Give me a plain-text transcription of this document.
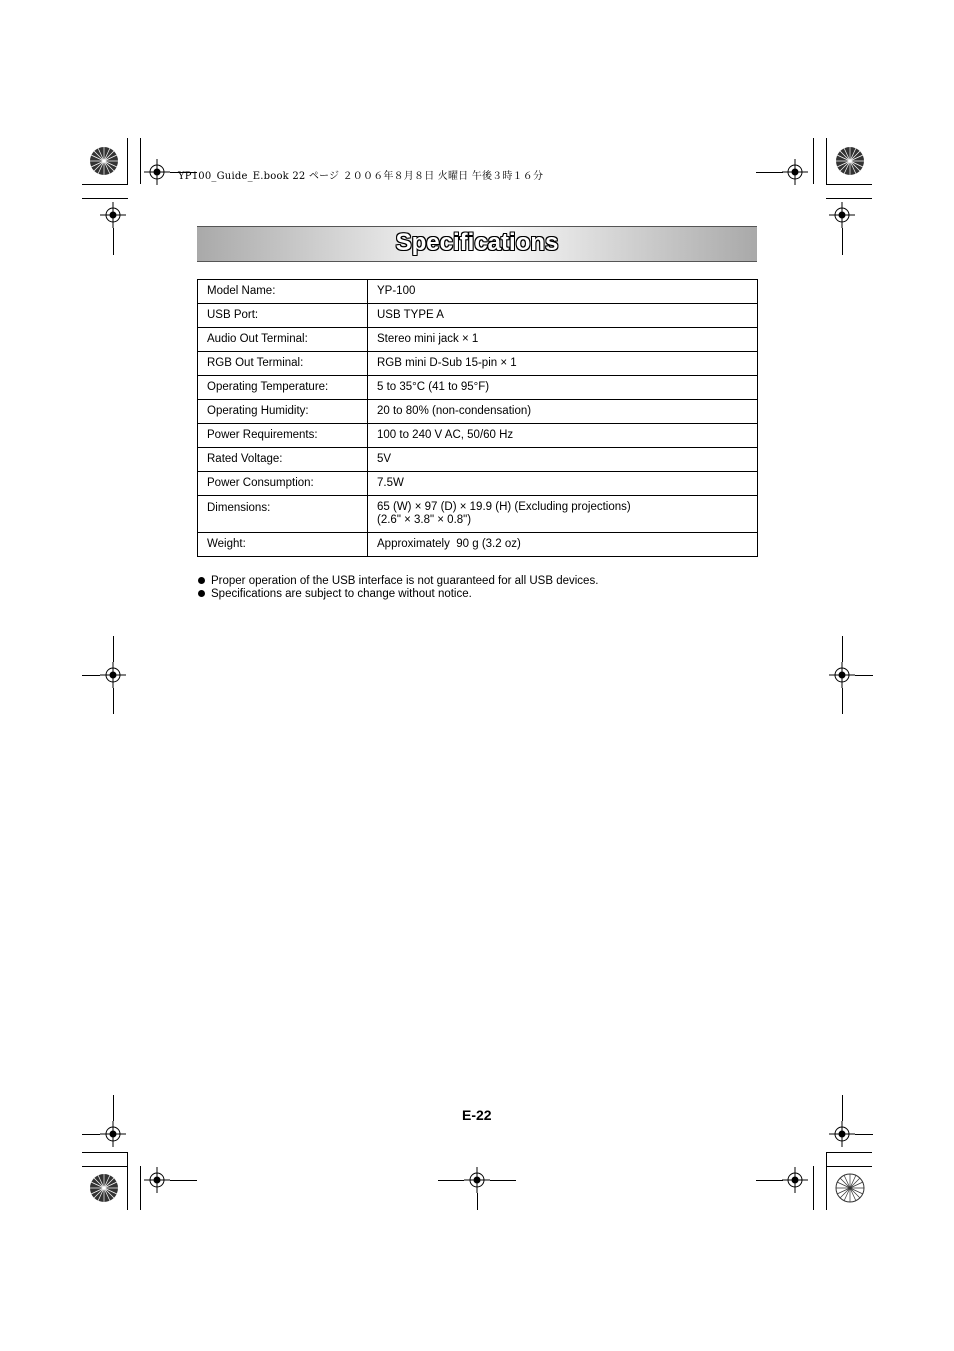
YP100_Guide_E.book 22 ページ ２００６年８月８日 火曜日 午後３時１６分
Specifications
Model Name:	YP-100
USB Port:	USB TYPE A
Audio Out Terminal:	Stereo mini jack × 1
RGB Out Terminal:	RGB mini D-Sub 15-pin × 1
Operating Temperature:	5 to 35°C (41 to 95°F)
Operating Humidity:	20 to 80% (non-condensation)
Power Requirements:	100 to 240 V AC, 50/60 Hz
Rated Voltage:	5V
Power Consumption:	7.5W
Dimensions:	65 (W) × 97 (D) × 19.9 (H) (Excluding projections)
(2.6" × 3.8" × 0.8")

Weight:	Approximately  90 g (3.2 oz)
Proper operation of the USB interface is not guaranteed for all USB devices.
Specifications are subject to change without notice.
E-22
